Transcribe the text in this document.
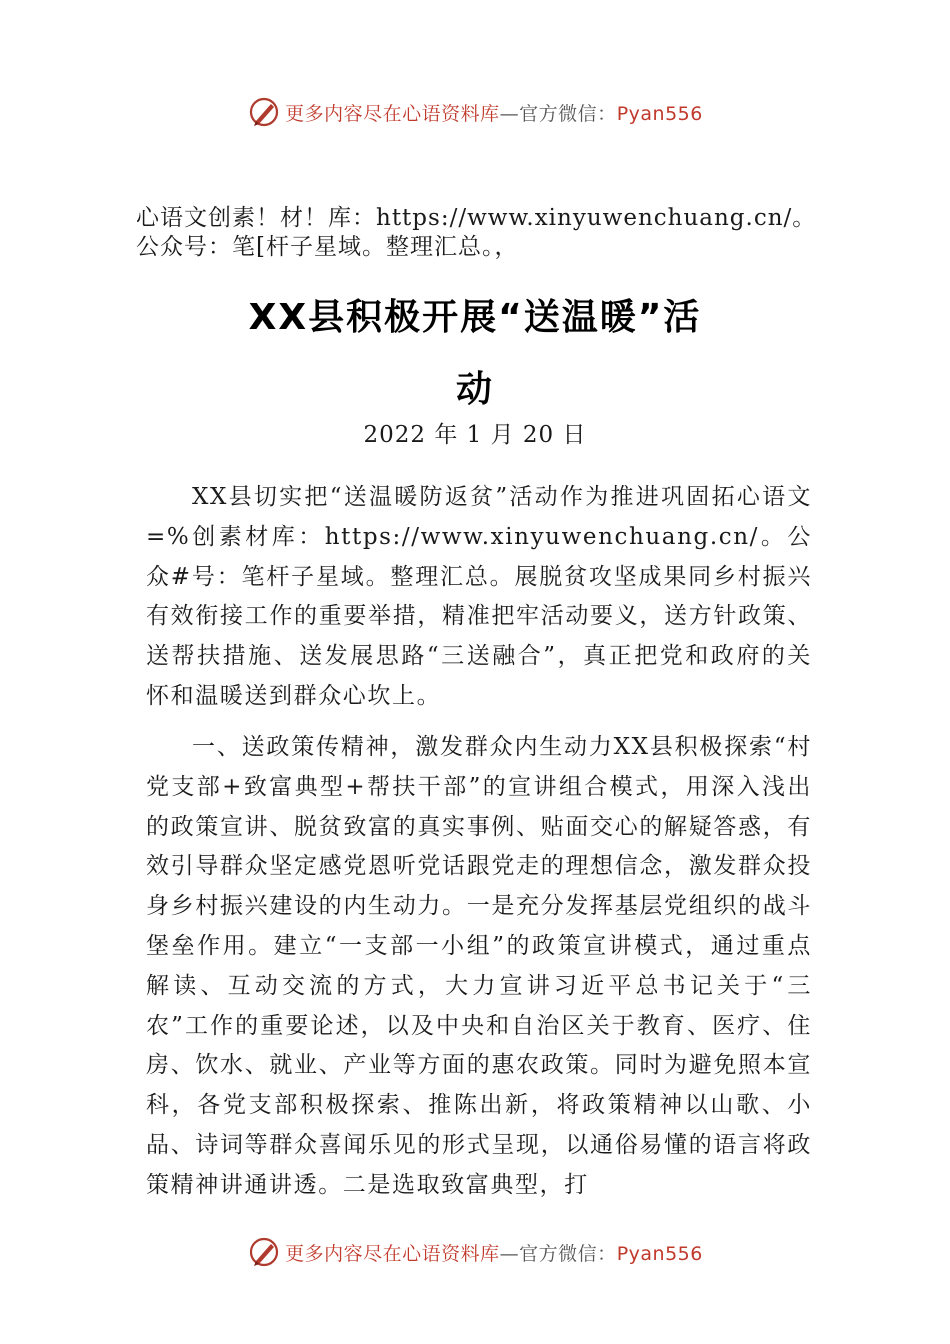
更多内容尽在心语资料库—官方微信：Pyan556
心语文创素！材！库：https://www.xinyuwenchuang.cn/。公众号：笔[杆子星域。整理汇总。，
XX县积极开展“送温暖”活
动
2022 年 1 月 20 日
XX县切实把“送温暖防返贫”活动作为推进巩固拓心语文=%创素材库：https://www.xinyuwenchuang.cn/。公众#号：笔杆子星域。整理汇总。展脱贫攻坚成果同乡村振兴有效衔接工作的重要举措，精准把牢活动要义，送方针政策、送帮扶措施、送发展思路“三送融合”，真正把党和政府的关怀和温暖送到群众心坎上。
一、送政策传精神，激发群众内生动力XX县积极探索“村党支部+致富典型+帮扶干部”的宣讲组合模式，用深入浅出的政策宣讲、脱贫致富的真实事例、贴面交心的解疑答惑，有效引导群众坚定感党恩听党话跟党走的理想信念，激发群众投身乡村振兴建设的内生动力。一是充分发挥基层党组织的战斗堡垒作用。建立“一支部一小组”的政策宣讲模式，通过重点解读、互动交流的方式，大力宣讲习近平总书记关于“三农”工作的重要论述，以及中央和自治区关于教育、医疗、住房、饮水、就业、产业等方面的惠农政策。同时为避免照本宣科，各党支部积极探索、推陈出新，将政策精神以山歌、小品、诗词等群众喜闻乐见的形式呈现，以通俗易懂的语言将政策精神讲通讲透。二是选取致富典型，打
更多内容尽在心语资料库—官方微信：Pyan556
